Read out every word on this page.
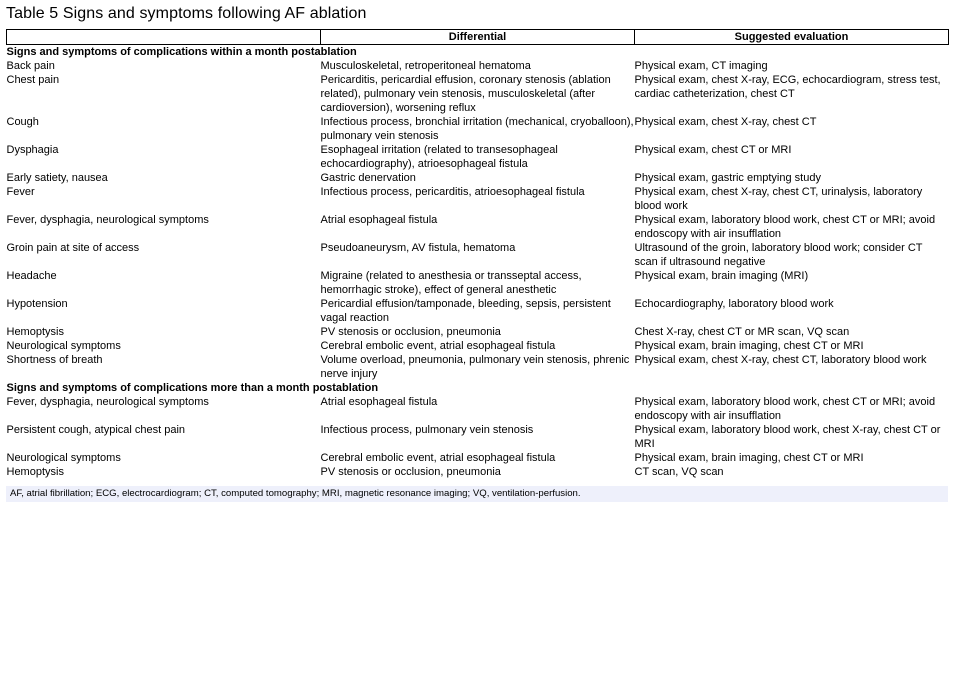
Table 5 Signs and symptoms following AF ablation
	Differential	Suggested evaluation
Signs and symptoms of complications within a month postablation		
Back pain	Musculoskeletal, retroperitoneal hematoma	Physical exam, CT imaging
Chest pain	Pericarditis, pericardial effusion, coronary stenosis (ablation related), pulmonary vein stenosis, musculoskeletal (after cardioversion), worsening reflux	Physical exam, chest X-ray, ECG, echocardiogram, stress test, cardiac catheterization, chest CT
Cough	Infectious process, bronchial irritation (mechanical, cryoballoon), pulmonary vein stenosis	Physical exam, chest X-ray, chest CT
Dysphagia	Esophageal irritation (related to transesophageal echocardiography), atrioesophageal fistula	Physical exam, chest CT or MRI
Early satiety, nausea	Gastric denervation	Physical exam, gastric emptying study
Fever	Infectious process, pericarditis, atrioesophageal fistula	Physical exam, chest X-ray, chest CT, urinalysis, laboratory blood work
Fever, dysphagia, neurological symptoms	Atrial esophageal fistula	Physical exam, laboratory blood work, chest CT or MRI; avoid endoscopy with air insufflation
Groin pain at site of access	Pseudoaneurysm, AV fistula, hematoma	Ultrasound of the groin, laboratory blood work; consider CT scan if ultrasound negative
Headache	Migraine (related to anesthesia or transseptal access, hemorrhagic stroke), effect of general anesthetic	Physical exam, brain imaging (MRI)
Hypotension	Pericardial effusion/tamponade, bleeding, sepsis, persistent vagal reaction	Echocardiography, laboratory blood work
Hemoptysis	PV stenosis or occlusion, pneumonia	Chest X-ray, chest CT or MR scan, VQ scan
Neurological symptoms	Cerebral embolic event, atrial esophageal fistula	Physical exam, brain imaging, chest CT or MRI
Shortness of breath	Volume overload, pneumonia, pulmonary vein stenosis, phrenic nerve injury	Physical exam, chest X-ray, chest CT, laboratory blood work
Signs and symptoms of complications more than a month postablation		
Fever, dysphagia, neurological symptoms	Atrial esophageal fistula	Physical exam, laboratory blood work, chest CT or MRI; avoid endoscopy with air insufflation
Persistent cough, atypical chest pain	Infectious process, pulmonary vein stenosis	Physical exam, laboratory blood work, chest X-ray, chest CT or MRI
Neurological symptoms	Cerebral embolic event, atrial esophageal fistula	Physical exam, brain imaging, chest CT or MRI
Hemoptysis	PV stenosis or occlusion, pneumonia	CT scan, VQ scan
AF, atrial fibrillation; ECG, electrocardiogram; CT, computed tomography; MRI, magnetic resonance imaging; VQ, ventilation-perfusion.
